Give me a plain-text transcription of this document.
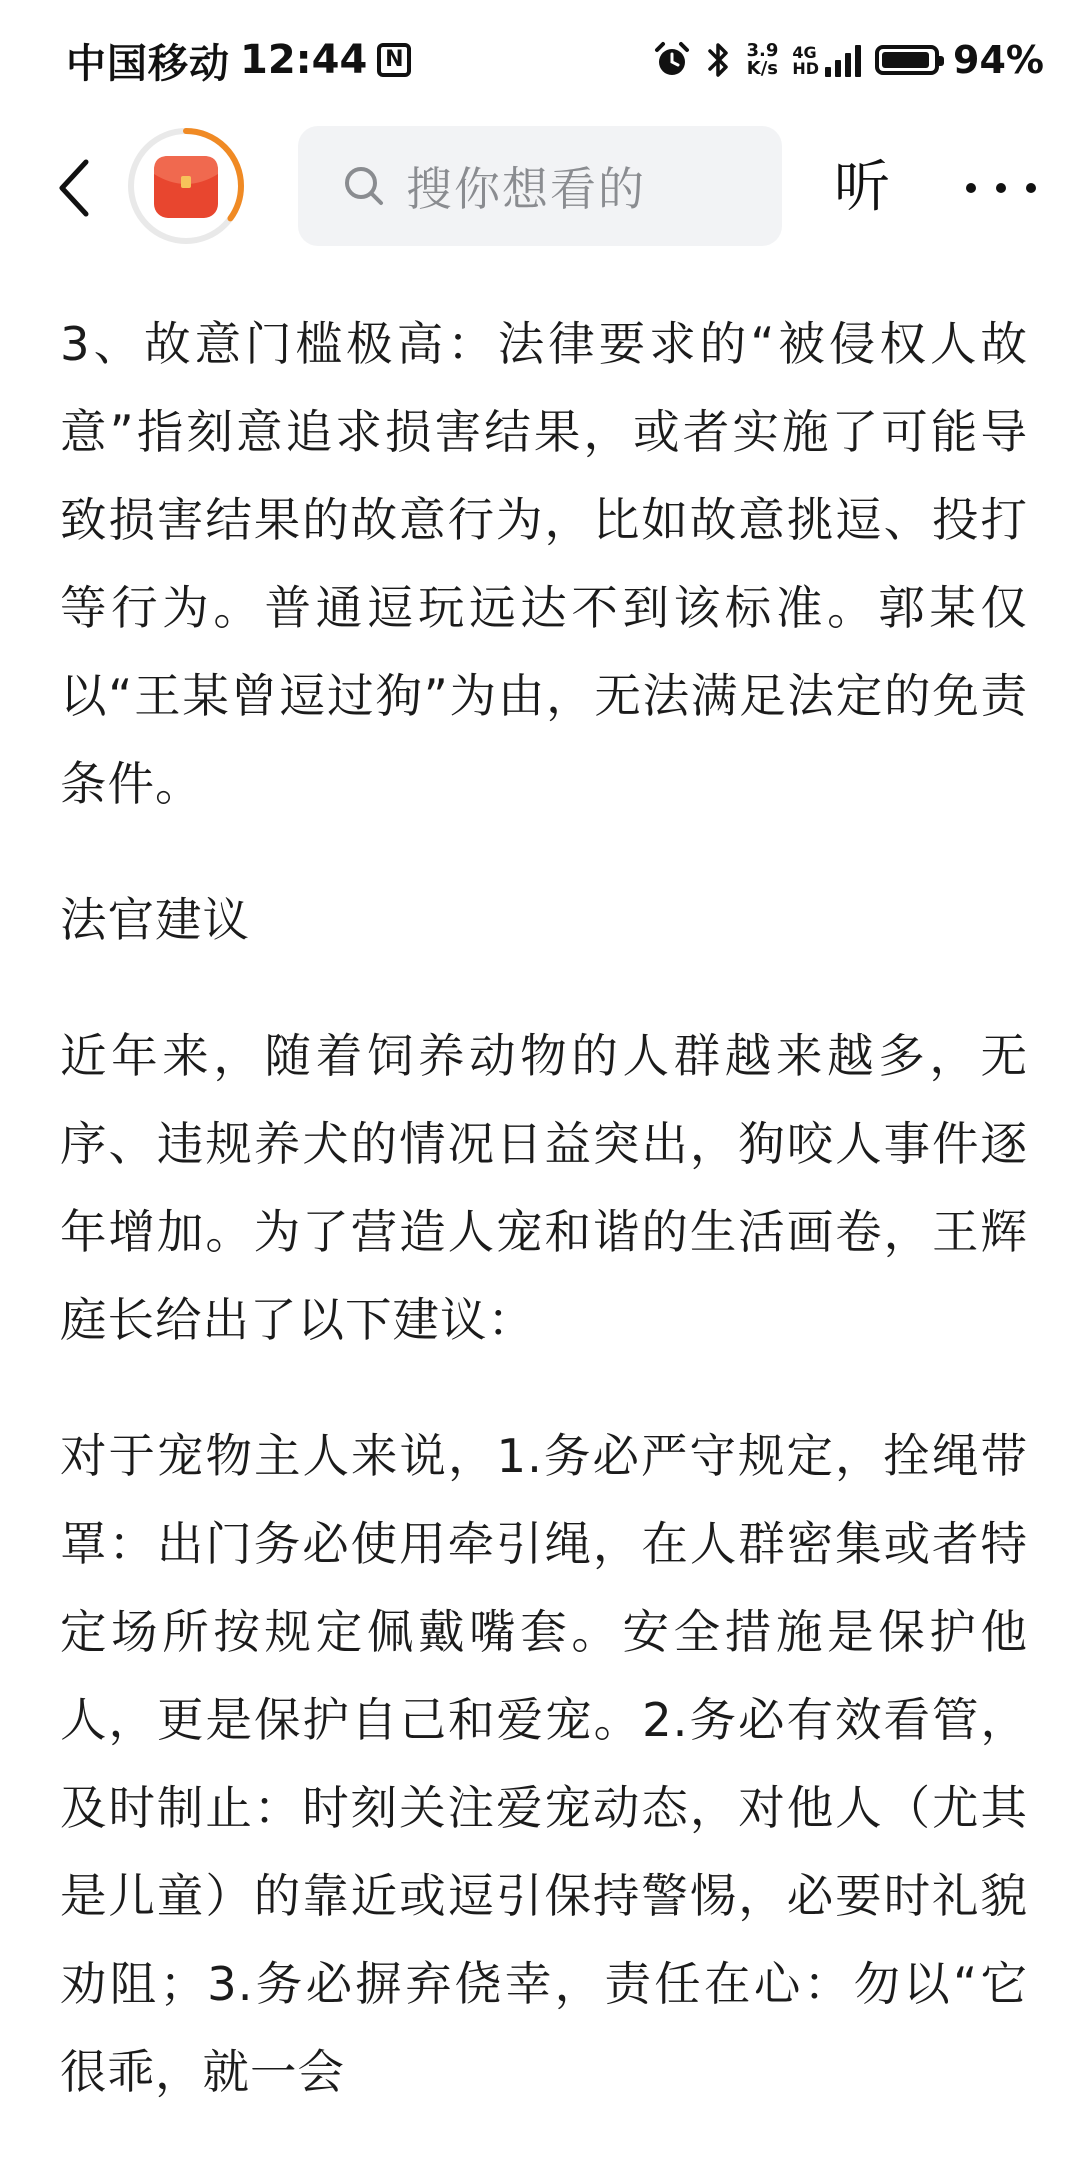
中国移动 12:44 N	3.9
K/s
4G
HD	94%
搜你想看的	听

3、故意门槛极高：法律要求的“被侵权人故意”指刻意追求损害结果，或者实施了可能导致损害结果的故意行为，比如故意挑逗、投打等行为。普通逗玩远达不到该标准。郭某仅以“王某曾逗过狗”为由，无法满足法定的免责条件。

法官建议

近年来，随着饲养动物的人群越来越多，无序、违规养犬的情况日益突出，狗咬人事件逐年增加。为了营造人宠和谐的生活画卷，王辉庭长给出了以下建议：

对于宠物主人来说，1.务必严守规定，拴绳带罩：出门务必使用牵引绳，在人群密集或者特定场所按规定佩戴嘴套。安全措施是保护他人，更是保护自己和爱宠。2.务必有效看管，及时制止：时刻关注爱宠动态，对他人（尤其是儿童）的靠近或逗引保持警惕，必要时礼貌劝阻；3.务必摒弃侥幸，责任在心：勿以“它很乖，就一会
